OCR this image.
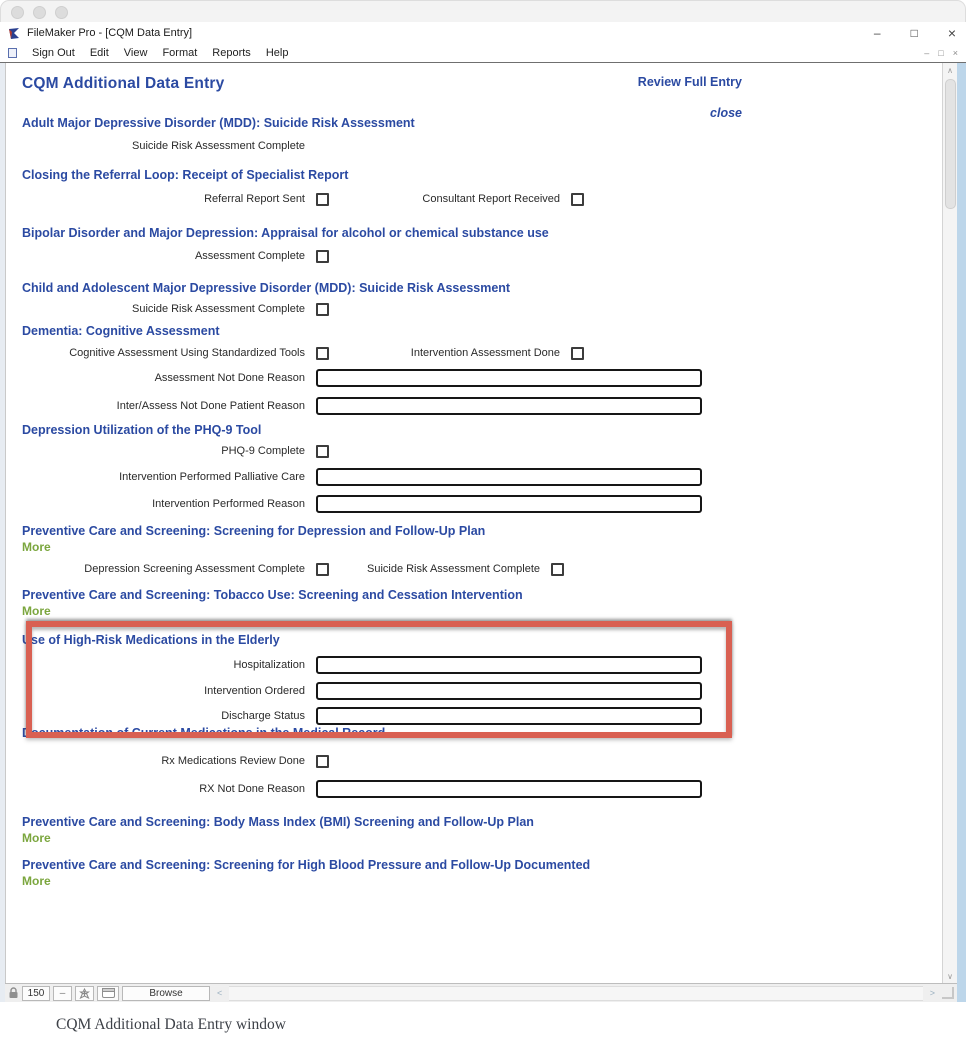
FileMaker Pro - [CQM Data Entry]	–	□ ×
Sign Out Edit View Format Reports Help	– □ ×
CQM Additional Data Entry	Review Full Entry
close
Adult Major Depressive Disorder (MDD): Suicide Risk Assessment
Suicide Risk Assessment Complete
Closing the Referral Loop: Receipt of Specialist Report
Referral Report Sent	Consultant Report Received
Bipolar Disorder and Major Depression: Appraisal for alcohol or chemical substance use
Assessment Complete
Child and Adolescent Major Depressive Disorder (MDD): Suicide Risk Assessment
Suicide Risk Assessment Complete
Dementia: Cognitive Assessment
Cognitive Assessment Using Standardized Tools	Intervention Assessment Done
Assessment Not Done Reason
Inter/Assess Not Done Patient Reason
Depression Utilization of the PHQ-9 Tool
PHQ-9 Complete
Intervention Performed Palliative Care
Intervention Performed Reason
Preventive Care and Screening: Screening for Depression and Follow-Up Plan
More
Depression Screening Assessment Complete	Suicide Risk Assessment Complete
Preventive Care and Screening: Tobacco Use: Screening and Cessation Intervention
More
Use of High-Risk Medications in the Elderly
Hospitalization
Intervention Ordered
Discharge Status
Documentation of Current Medications in the Medical Record
Rx Medications Review Done
RX Not Done Reason
Preventive Care and Screening: Body Mass Index (BMI) Screening and Follow-Up Plan
More
Preventive Care and Screening: Screening for High Blood Pressure and Follow-Up Documented
More
∧
∨
150	–	Browse	<	>
CQM Additional Data Entry window
